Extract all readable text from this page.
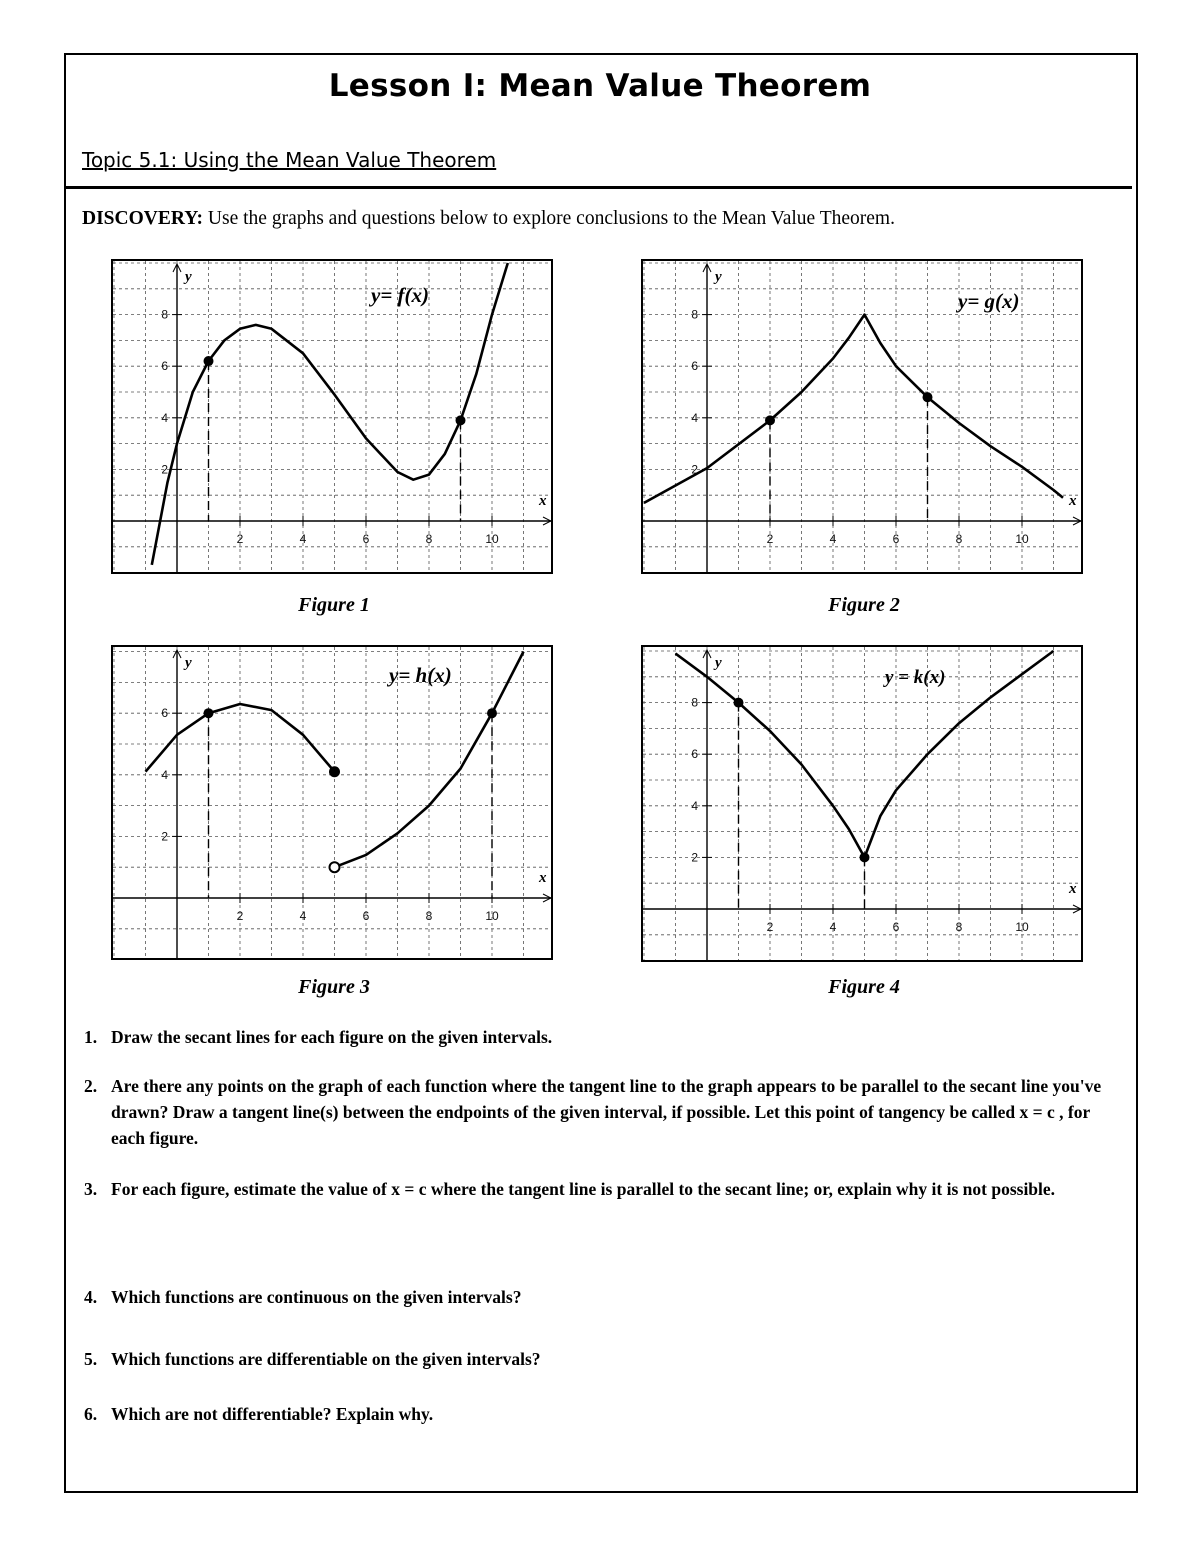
Lesson I: Mean Value Theorem
Topic 5.1: Using the Mean Value Theorem
DISCOVERY: Use the graphs and questions below to explore conclusions to the Mean Value Theorem.
x
y
2	4	6	8	10
2
4
6
8
y= f(x)
Figure 1
x
y
2	4	6	8	10
2
4
6
8
y= g(x)
Figure 2
x
y
2	4	6	8	10
2
4
6
y= h(x)
Figure 3
x
y
2	4	6	8	10
2
4
6
8
y = k(x)
Figure 4
1. Draw the secant lines for each figure on the given intervals.
2. Are there any points on the graph of each function where the tangent line to the graph appears to be parallel to the secant line you've drawn? Draw a tangent line(s) between the endpoints of the given interval, if possible. Let this point of tangency be called x = c , for each figure.
3. For each figure, estimate the value of x = c where the tangent line is parallel to the secant line; or, explain why it is not possible.
4. Which functions are continuous on the given intervals?
5. Which functions are differentiable on the given intervals?
6. Which are not differentiable? Explain why.
